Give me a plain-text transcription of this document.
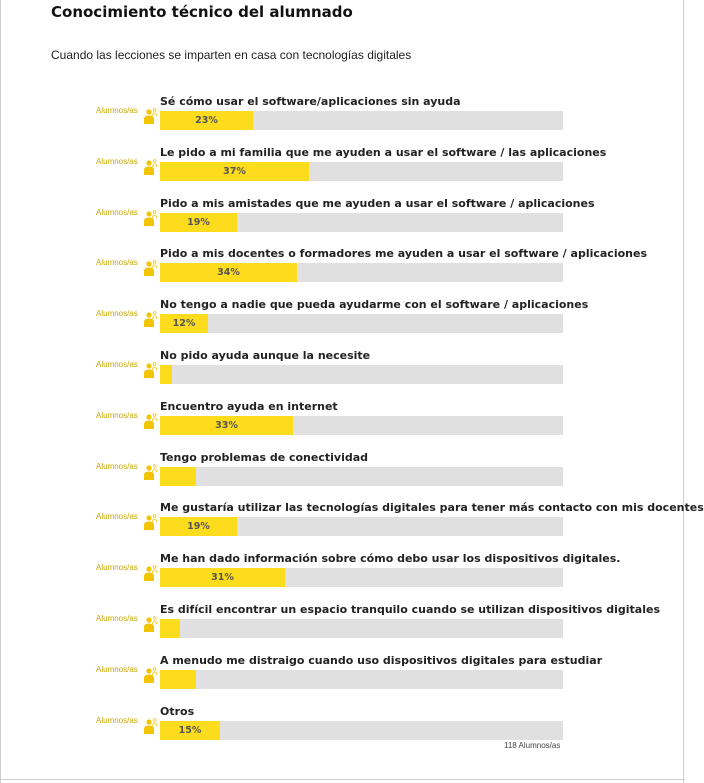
Conocimiento técnico del alumnado
Cuando las lecciones se imparten en casa con tecnologías digitales
Sé cómo usar el software/aplicaciones sin ayuda
Alumnos/as
23%
Le pido a mi familia que me ayuden a usar el software / las aplicaciones
Alumnos/as
37%
Pido a mis amistades que me ayuden a usar el software / aplicaciones
Alumnos/as
19%
Pido a mis docentes o formadores me ayuden a usar el software / aplicaciones
Alumnos/as
34%
No tengo a nadie que pueda ayudarme con el software / aplicaciones
Alumnos/as
12%
No pido ayuda aunque la necesite
Alumnos/as
Encuentro ayuda en internet
Alumnos/as
33%
Tengo problemas de conectividad
Alumnos/as
Me gustaría utilizar las tecnologías digitales para tener más contacto con mis docentes
Alumnos/as
19%
Me han dado información sobre cómo debo usar los dispositivos digitales.
Alumnos/as
31%
Es difícil encontrar un espacio tranquilo cuando se utilizan dispositivos digitales
Alumnos/as
A menudo me distraigo cuando uso dispositivos digitales para estudiar
Alumnos/as
Otros
Alumnos/as
15%
118 Alumnos/as
